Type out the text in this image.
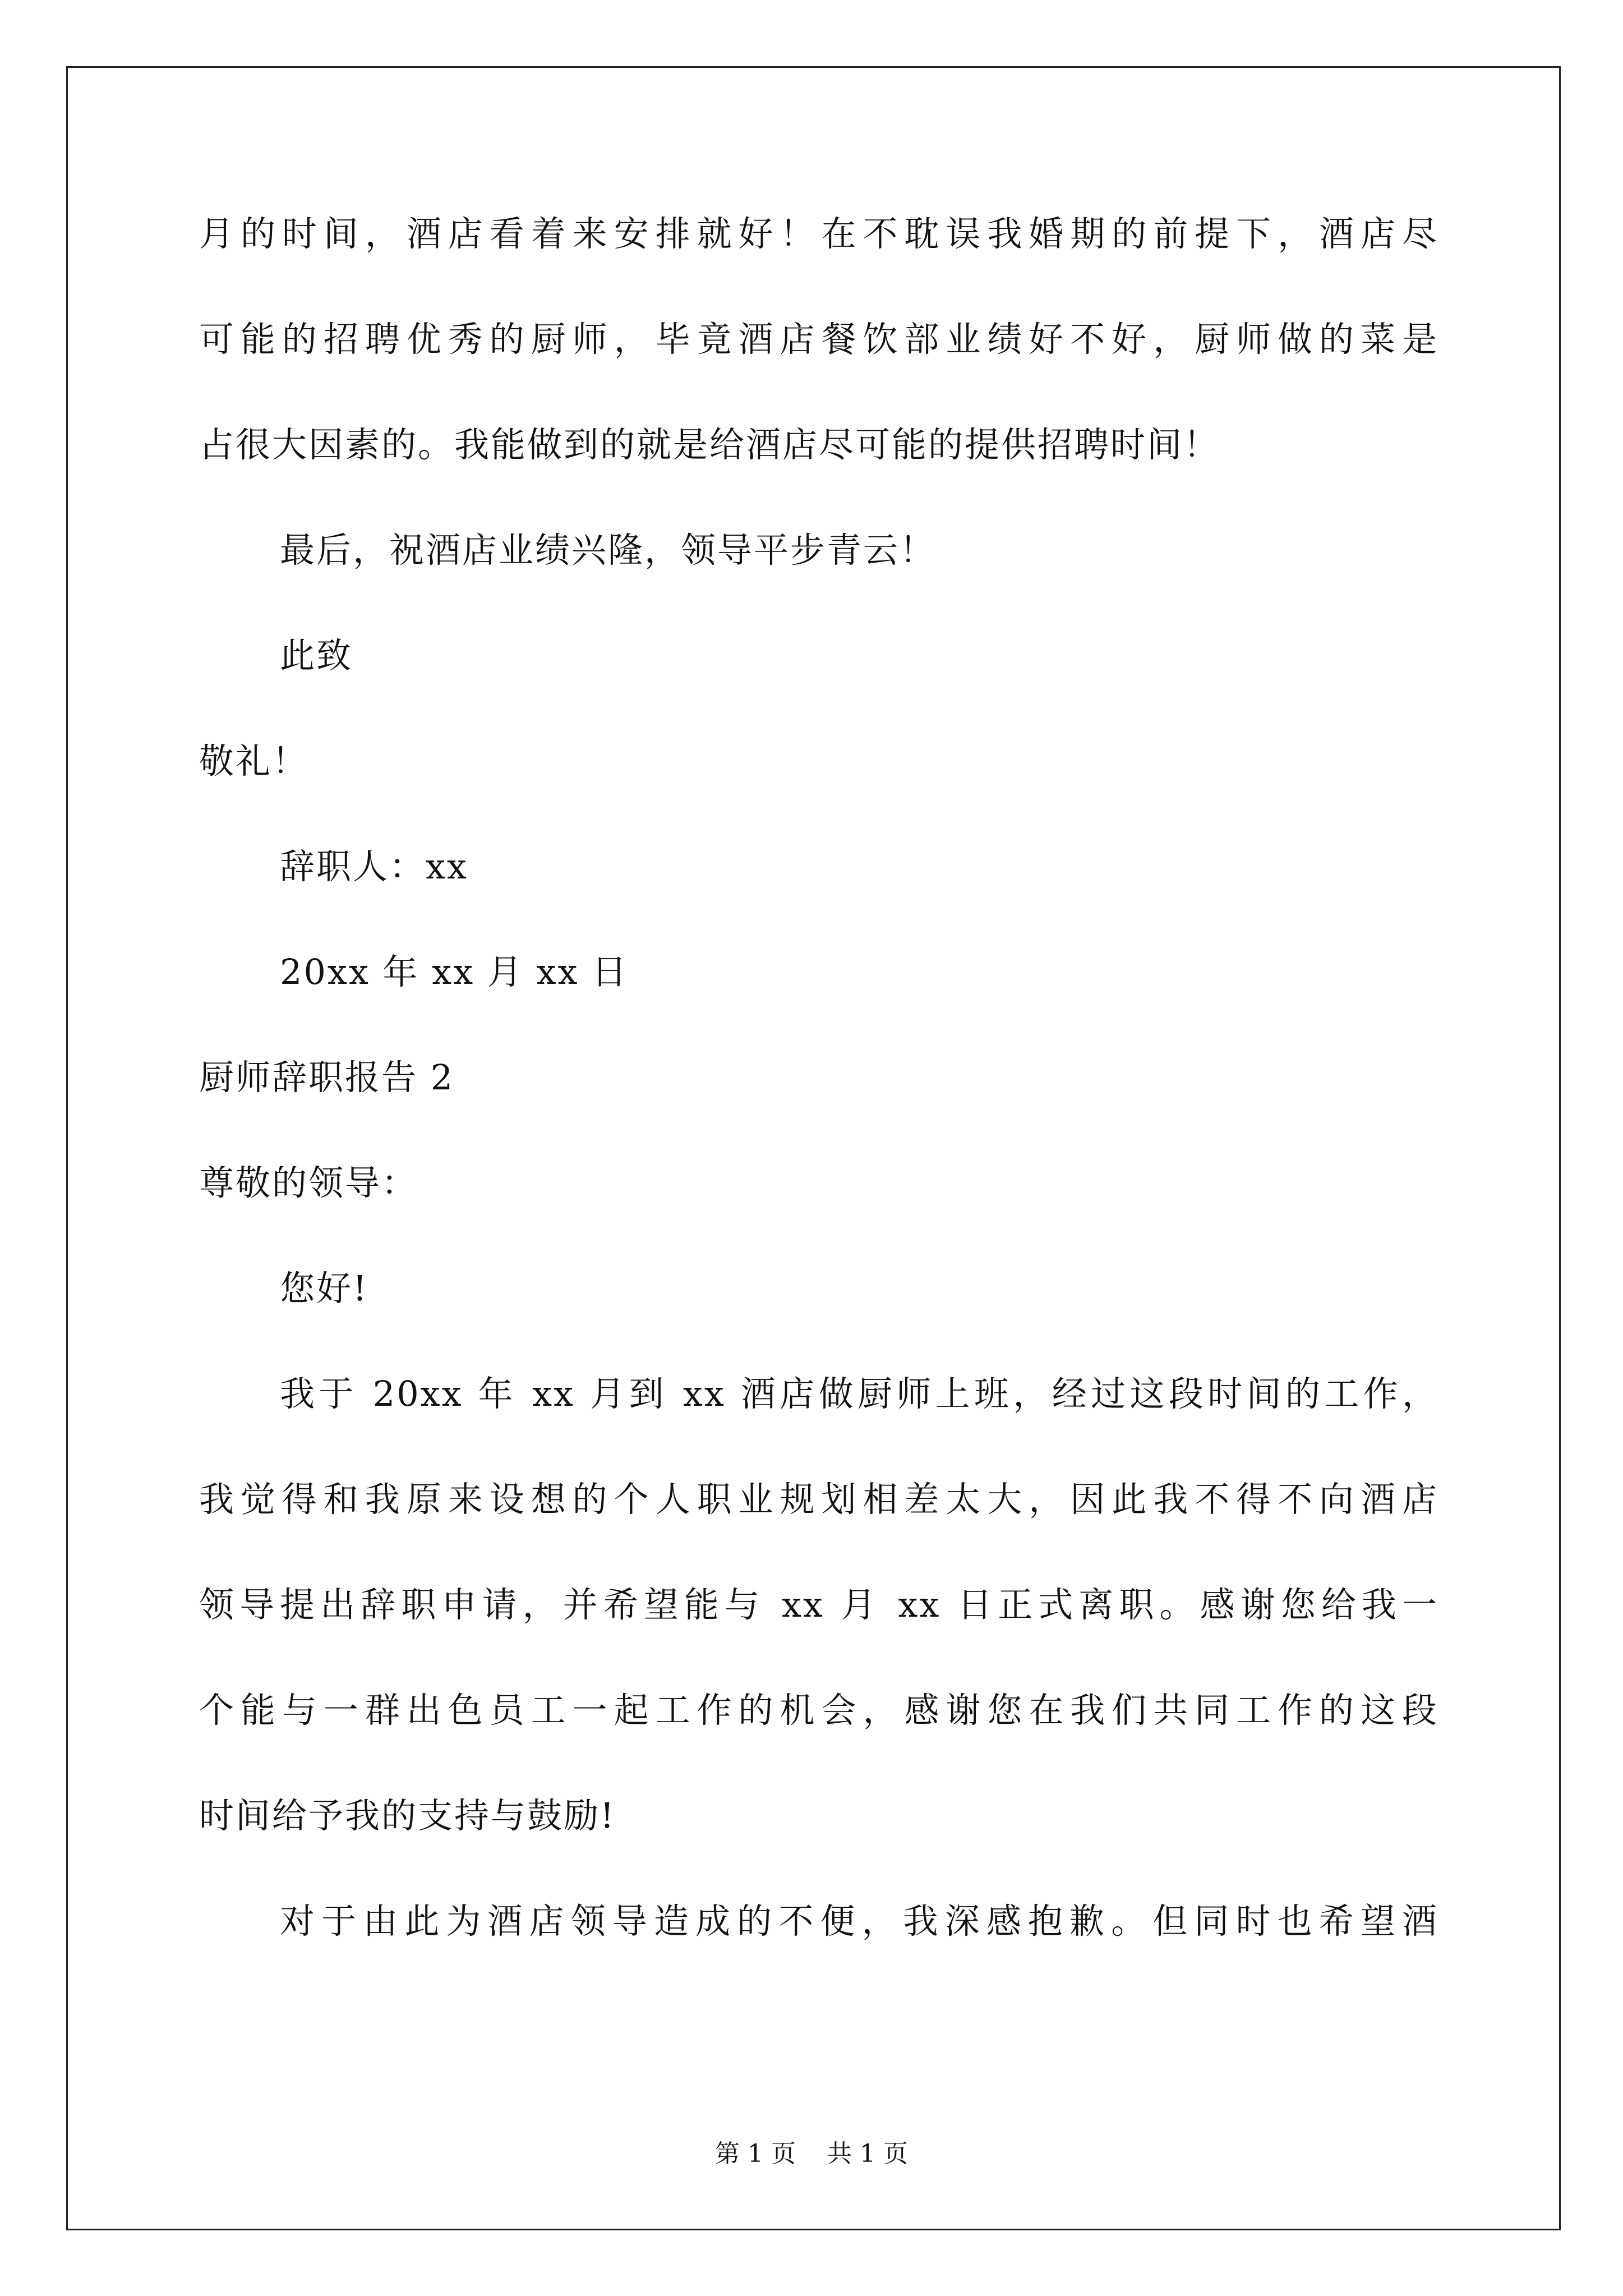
月的时间，酒店看着来安排就好！在不耽误我婚期的前提下，酒店尽
可能的招聘优秀的厨师，毕竟酒店餐饮部业绩好不好，厨师做的菜是
占很大因素的。我能做到的就是给酒店尽可能的提供招聘时间！
最后，祝酒店业绩兴隆，领导平步青云！
此致
敬礼！
辞职人：xx
20xx 年 xx 月 xx 日
厨师辞职报告 2
尊敬的领导：
您好!
我于 20xx 年 xx 月到 xx 酒店做厨师上班，经过这段时间的工作，
我觉得和我原来设想的个人职业规划相差太大，因此我不得不向酒店
领导提出辞职申请，并希望能与 xx 月 xx 日正式离职。感谢您给我一
个能与一群出色员工一起工作的机会，感谢您在我们共同工作的这段
时间给予我的支持与鼓励!
对于由此为酒店领导造成的不便，我深感抱歉。但同时也希望酒
第 1 页 共 1 页
